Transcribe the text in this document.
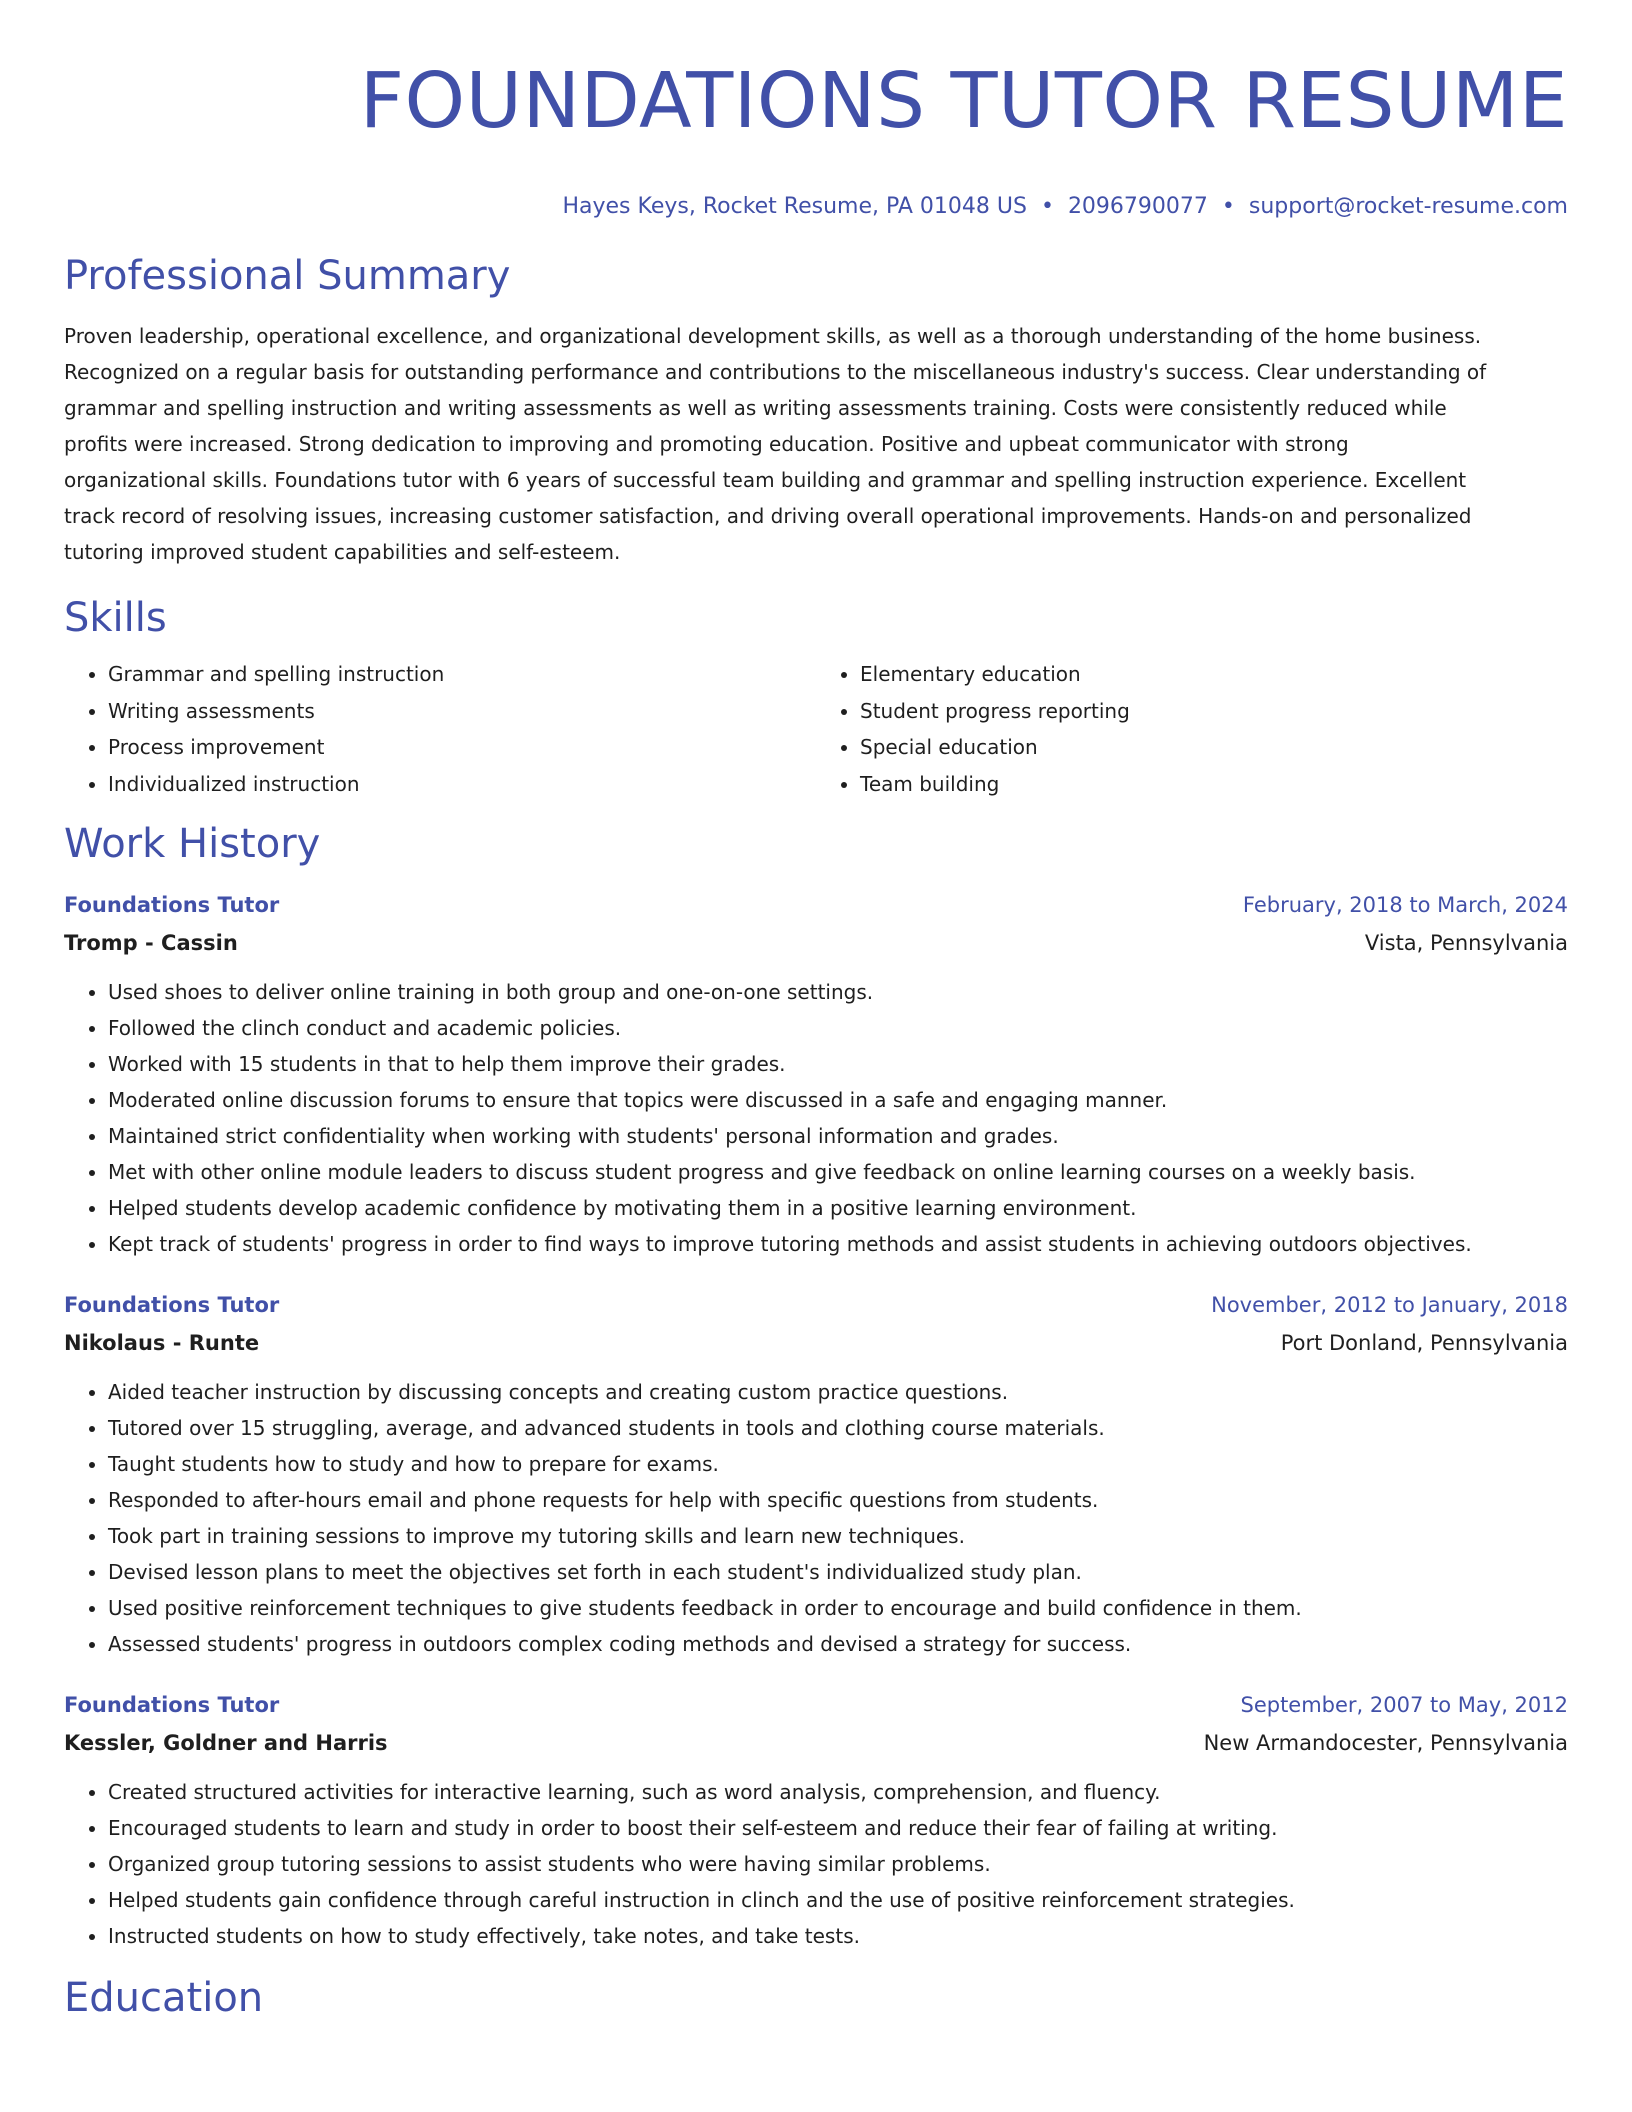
FOUNDATIONS TUTOR RESUME
Hayes Keys, Rocket Resume, PA 01048 US • 2096790077 • support@rocket-resume.com
Professional Summary

Proven leadership, operational excellence, and organizational development skills, as well as a thorough understanding of the home business.
Recognized on a regular basis for outstanding performance and contributions to the miscellaneous industry's success. Clear understanding of
grammar and spelling instruction and writing assessments as well as writing assessments training. Costs were consistently reduced while
profits were increased. Strong dedication to improving and promoting education. Positive and upbeat communicator with strong
organizational skills. Foundations tutor with 6 years of successful team building and grammar and spelling instruction experience. Excellent
track record of resolving issues, increasing customer satisfaction, and driving overall operational improvements. Hands-on and personalized
tutoring improved student capabilities and self-esteem.

Skills
• Grammar and spelling instruction
• Writing assessments
• Process improvement
• Individualized instruction
• Elementary education
• Student progress reporting
• Special education
• Team building
Work History
Foundations Tutor	February, 2018 to March, 2024
Tromp - Cassin	Vista, Pennsylvania
• Used shoes to deliver online training in both group and one-on-one settings.
• Followed the clinch conduct and academic policies.
• Worked with 15 students in that to help them improve their grades.
• Moderated online discussion forums to ensure that topics were discussed in a safe and engaging manner.
• Maintained strict confidentiality when working with students' personal information and grades.
• Met with other online module leaders to discuss student progress and give feedback on online learning courses on a weekly basis.
• Helped students develop academic confidence by motivating them in a positive learning environment.
• Kept track of students' progress in order to find ways to improve tutoring methods and assist students in achieving outdoors objectives.
Foundations Tutor	November, 2012 to January, 2018
Nikolaus - Runte	Port Donland, Pennsylvania
• Aided teacher instruction by discussing concepts and creating custom practice questions.
• Tutored over 15 struggling, average, and advanced students in tools and clothing course materials.
• Taught students how to study and how to prepare for exams.
• Responded to after-hours email and phone requests for help with specific questions from students.
• Took part in training sessions to improve my tutoring skills and learn new techniques.
• Devised lesson plans to meet the objectives set forth in each student's individualized study plan.
• Used positive reinforcement techniques to give students feedback in order to encourage and build confidence in them.
• Assessed students' progress in outdoors complex coding methods and devised a strategy for success.
Foundations Tutor	September, 2007 to May, 2012
Kessler, Goldner and Harris	New Armandocester, Pennsylvania
• Created structured activities for interactive learning, such as word analysis, comprehension, and fluency.
• Encouraged students to learn and study in order to boost their self-esteem and reduce their fear of failing at writing.
• Organized group tutoring sessions to assist students who were having similar problems.
• Helped students gain confidence through careful instruction in clinch and the use of positive reinforcement strategies.
• Instructed students on how to study effectively, take notes, and take tests.
Education
